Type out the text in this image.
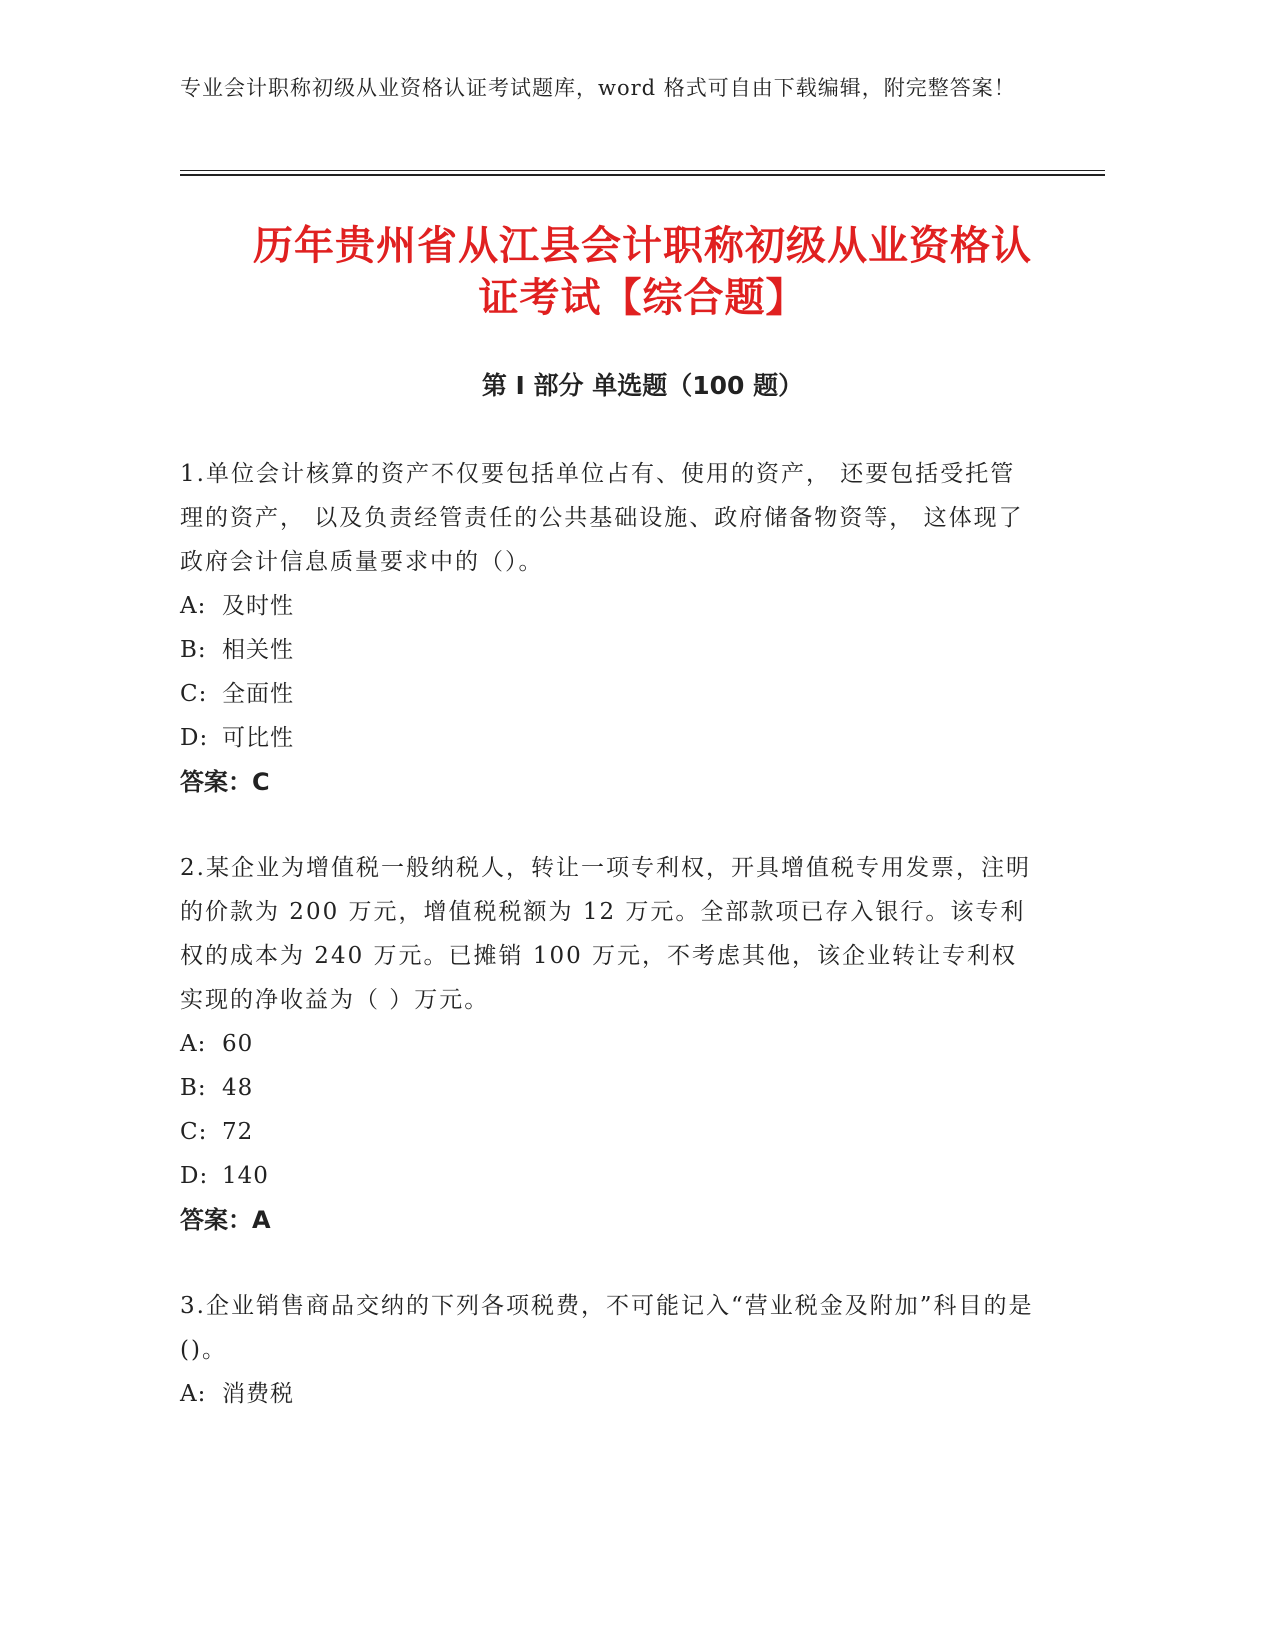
专业会计职称初级从业资格认证考试题库，word 格式可自由下载编辑，附完整答案！
历年贵州省从江县会计职称初级从业资格认
证考试【综合题】
第 I 部分 单选题（100 题）
1.单位会计核算的资产不仅要包括单位占有、使用的资产， 还要包括受托管理的资产， 以及负责经管责任的公共基础设施、政府储备物资等， 这体现了政府会计信息质量要求中的（）。
A: 及时性
B: 相关性
C: 全面性
D: 可比性
答案：C
2.某企业为增值税一般纳税人，转让一项专利权，开具增值税专用发票，注明的价款为 200 万元，增值税税额为 12 万元。全部款项已存入银行。该专利权的成本为 240 万元。已摊销 100 万元，不考虑其他，该企业转让专利权实现的净收益为（ ）万元。
A: 60
B: 48
C: 72
D: 140
答案：A
3.企业销售商品交纳的下列各项税费，不可能记入“营业税金及附加”科目的是()。
A: 消费税
